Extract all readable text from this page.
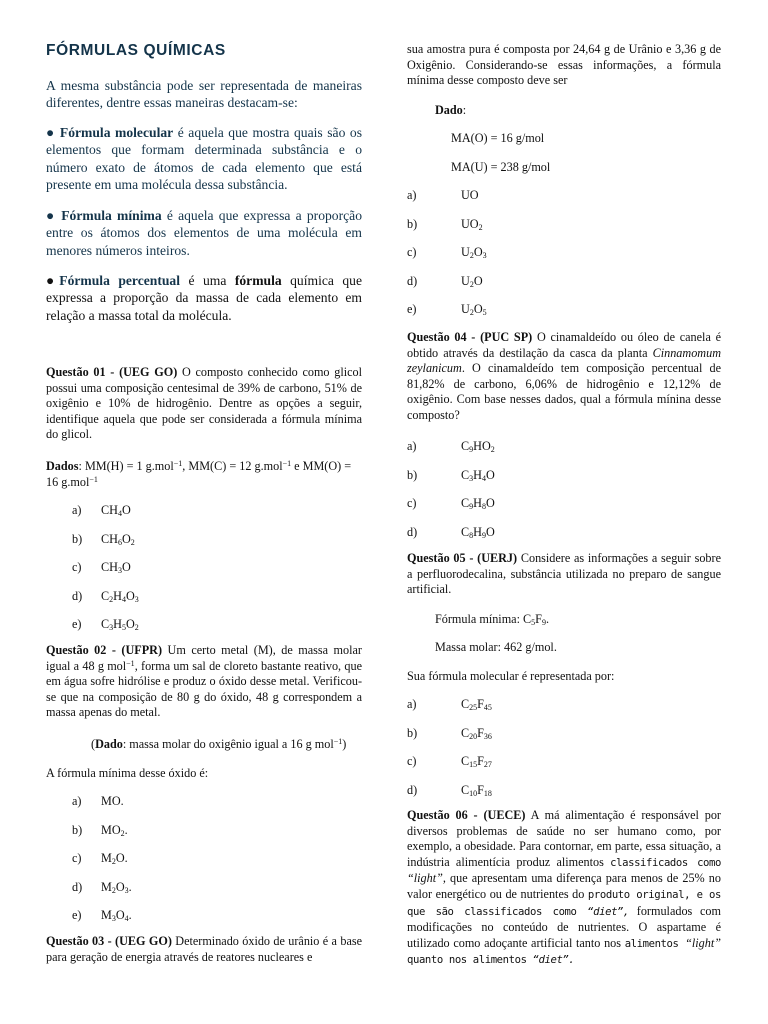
FÓRMULAS QUÍMICAS

A mesma substância pode ser representada de maneiras diferentes, dentre essas maneiras destacam-se:

● Fórmula molecular é aquela que mostra quais são os elementos que formam determinada substância e o número exato de átomos de cada elemento que está presente em uma molécula dessa substância.

● Fórmula mínima é aquela que expressa a proporção entre os átomos dos elementos de uma molécula em menores números inteiros.

●Fórmula percentual é uma fórmula química que expressa a proporção da massa de cada elemento em relação a massa total da molécula.

Questão 01 - (UEG GO) O composto conhecido como glicol possui uma composição centesimal de 39% de carbono, 51% de oxigênio e 10% de hidrogênio. Dentre as opções a seguir, identifique aquela que pode ser considerada a fórmula mínima do glicol.

Dados: MM(H) = 1 g.mol$^{-1}$, MM(C) = 12 g.mol$^{-1}$ e MM(O) = 16 g.mol$^{-1}$

a) $CH_4O$
b) $CH_6O_2$
c) $CH_3O$
d) $C_2H_4O_3$
e) $C_3H_5O_2$

Questão 02 - (UFPR) Um certo metal (M), de massa molar igual a 48 g mol$^{-1}$, forma um sal de cloreto bastante reativo, que em água sofre hidrólise e produz o óxido desse metal. Verificou-se que na composição de 80 g do óxido, 48 g correspondem a massa apenas do metal.

(Dado: massa molar do oxigênio igual a 16 g mol$^{-1}$)

A fórmula mínima desse óxido é:

a) MO.
b) $MO_2$.
c) $M_2O$.
d) $M_2O_3$.
e) $M_3O_4$.

Questão 03 - (UEG GO) Determinado óxido de urânio é a base para geração de energia através de reatores nucleares e

sua amostra pura é composta por 24,64 g de Urânio e 3,36 g de Oxigênio. Considerando-se essas informações, a fórmula mínima desse composto deve ser

Dado:

MA(O) = 16 g/mol

MA(U) = 238 g/mol

a)	UO
b)	$UO_2$
c)	$U_2O_3$
d)	$U_2O$
e)	$U_2O_5$

Questão 04 - (PUC SP) O cinamaldeído ou óleo de canela é obtido através da destilação da casca da planta Cinnamomum zeylanicum. O cinamaldeído tem composição percentual de 81,82% de carbono, 6,06% de hidrogênio e 12,12% de oxigênio. Com base nesses dados, qual a fórmula mínina desse composto?

a)	$C_9HO_2$
b)	$C_3H_4O$
c)	$C_9H_8O$
d)	$C_8H_9O$

Questão 05 - (UERJ) Considere as informações a seguir sobre a perfluorodecalina, substância utilizada no preparo de sangue artificial.

Fórmula mínima: $C_5F_9$.

Massa molar: 462 g/mol.

Sua fórmula molecular é representada por:

a)	$C_{25}F_{45}$
b)	$C_{20}F_{36}$
c)	$C_{15}F_{27}$
d)	$C_{10}F_{18}$

Questão 06 - (UECE) A má alimentação é responsável por diversos problemas de saúde no ser humano como, por exemplo, a obesidade. Para contornar, em parte, essa situação, a indústria alimentícia produz alimentos classificados como “light”, que apresentam uma diferença para menos de 25% no valor energético ou de nutrientes do produto original, e os que são classificados como “diet”, formulados com modificações no conteúdo de nutrientes. O aspartame é utilizado como adoçante artificial tanto nos alimentos “light” quanto nos alimentos “diet”.
